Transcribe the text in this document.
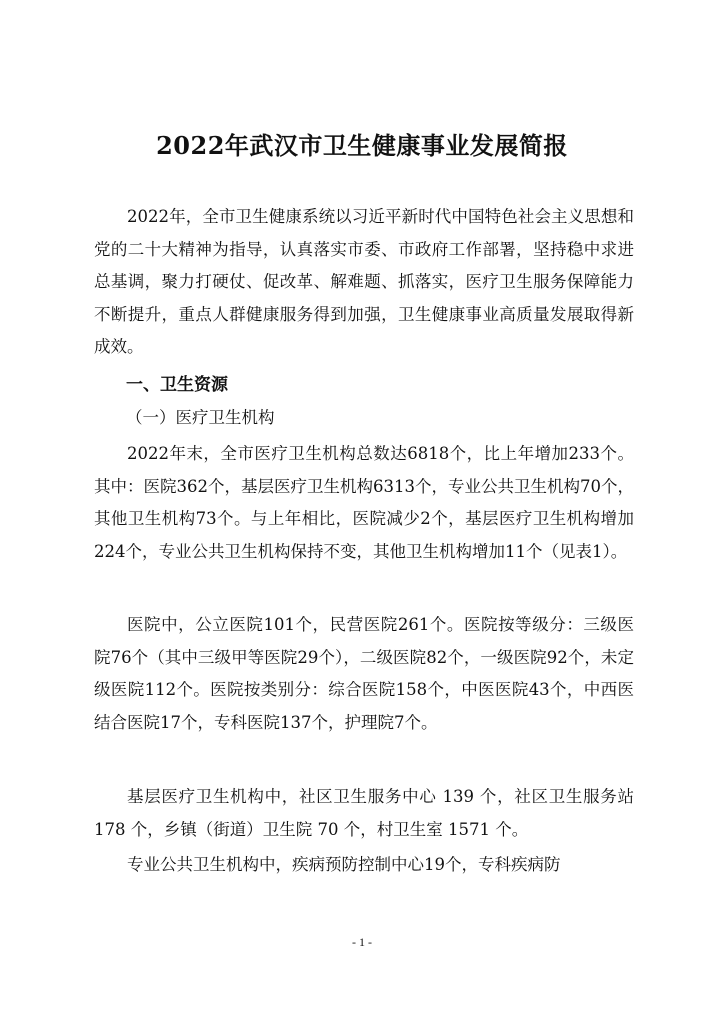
2022年武汉市卫生健康事业发展简报

2022年，全市卫生健康系统以习近平新时代中国特色社会主义思想和党的二十大精神为指导，认真落实市委、市政府工作部署，坚持稳中求进总基调，聚力打硬仗、促改革、解难题、抓落实，医疗卫生服务保障能力不断提升，重点人群健康服务得到加强，卫生健康事业高质量发展取得新成效。

一、卫生资源
（一）医疗卫生机构

2022年末，全市医疗卫生机构总数达6818个，比上年增加233个。其中：医院362个，基层医疗卫生机构6313个，专业公共卫生机构70个，其他卫生机构73个。与上年相比，医院减少2个，基层医疗卫生机构增加224个，专业公共卫生机构保持不变，其他卫生机构增加11个（见表1）。

医院中，公立医院101个，民营医院261个。医院按等级分：三级医院76个（其中三级甲等医院29个），二级医院82个，一级医院92个，未定级医院112个。医院按类别分：综合医院158个，中医医院43个，中西医结合医院17个，专科医院137个，护理院7个。

基层医疗卫生机构中，社区卫生服务中心 139 个，社区卫生服务站 178 个，乡镇（街道）卫生院 70 个，村卫生室 1571 个。

专业公共卫生机构中，疾病预防控制中心19个，专科疾病防

- 1 -
